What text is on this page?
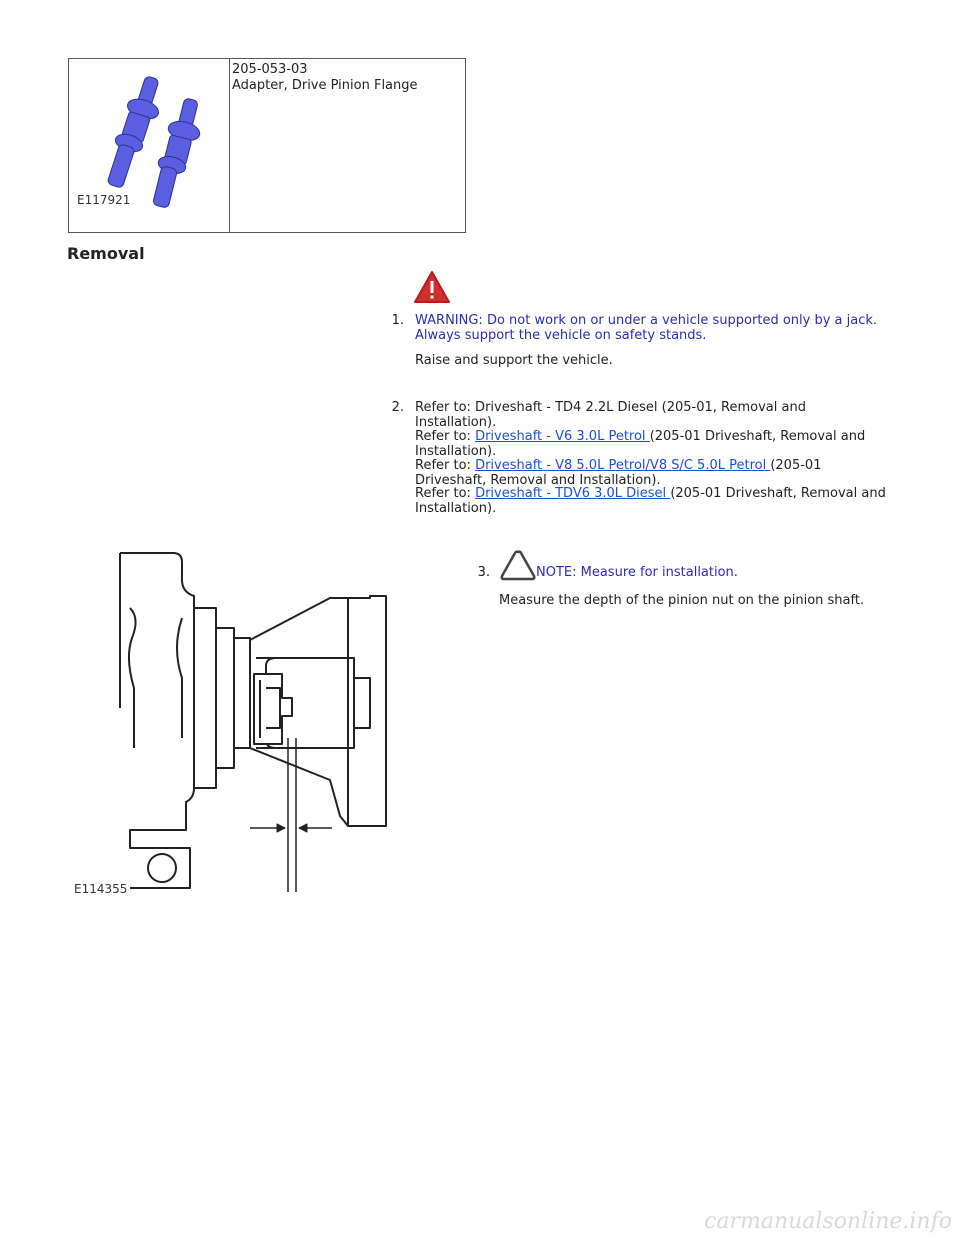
E117921
205-053-03
Adapter, Drive Pinion Flange
Removal
1. WARNING: Do not work on or under a vehicle supported only by a jack.
Always support the vehicle on safety stands.
Raise and support the vehicle.
2. Refer to: Driveshaft - TD4 2.2L Diesel (205-01, Removal and
Installation).
Refer to: Driveshaft - V6 3.0L Petrol (205-01 Driveshaft, Removal and
Installation).
Refer to: Driveshaft - V8 5.0L Petrol/V8 S/C 5.0L Petrol (205-01
Driveshaft, Removal and Installation).
Refer to: Driveshaft - TDV6 3.0L Diesel (205-01 Driveshaft, Removal and
Installation).
E114355
3.	NOTE: Measure for installation.
Measure the depth of the pinion nut on the pinion shaft.
carmanualsonline.info
